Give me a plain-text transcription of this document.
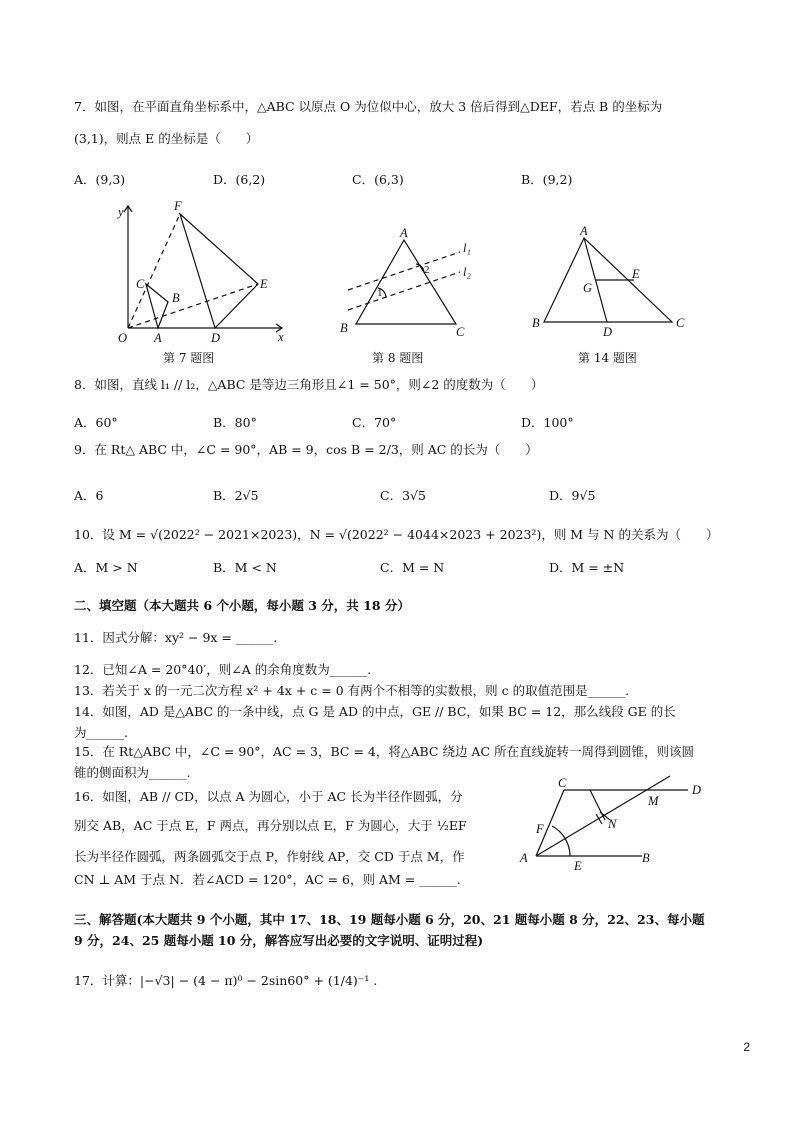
7．如图，在平面直角坐标系中，△ABC 以原点 O 为位似中心，放大 3 倍后得到△DEF，若点 B 的坐标为
(3,1)，则点 E 的坐标是（　　）
A．(9,3)	D．(6,2)	C．(6,3)	B．(9,2)
y
x
O
F
C
B
E
A	D
第 7 题图
A
B	C
l₁
l₂
1
2
第 8 题图
A
B	C
D
E
G
第 14 题图
8．如图，直线 l₁ // l₂，△ABC 是等边三角形且∠1 = 50°，则∠2 的度数为（　　）
A．60°	B．80°	C．70°	D．100°
9．在 Rt△ ABC 中，∠C = 90°，AB = 9，cos B = 2/3，则 AC 的长为（　　）
A．6	B．2√5	C．3√5	D．9√5
10．设 M = √(2022² − 2021×2023)，N = √(2022² − 4044×2023 + 2023²)，则 M 与 N 的关系为（　　）
A．M > N	B．M < N	C．M = N	D．M = ±N
二、填空题（本大题共 6 个小题，每小题 3 分，共 18 分）
11．因式分解：xy² − 9x = ______.
12．已知∠A = 20°40′，则∠A 的余角度数为______.
13．若关于 x 的一元二次方程 x² + 4x + c = 0 有两个不相等的实数根，则 c 的取值范围是______.
14．如图，AD 是△ABC 的一条中线，点 G 是 AD 的中点，GE // BC，如果 BC = 12，那么线段 GE 的长
为______.
15．在 Rt△ABC 中，∠C = 90°，AC = 3，BC = 4，将△ABC 绕边 AC 所在直线旋转一周得到圆锥，则该圆
锥的侧面积为______.
16．如图，AB // CD，以点 A 为圆心，小于 AC 长为半径作圆弧，分
别交 AB，AC 于点 E，F 两点，再分别以点 E，F 为圆心，大于 ½EF
长为半径作圆弧，两条圆弧交于点 P，作射线 AP，交 CD 于点 M，作
CN ⊥ AM 于点 N．若∠ACD = 120°，AC = 6，则 AM = ______.
C	D
M
N
F
A
E
B
三、解答题(本大题共 9 个小题，其中 17、18、19 题每小题 6 分，20、21 题每小题 8 分，22、23、每小题
9 分，24、25 题每小题 10 分，解答应写出必要的文字说明、证明过程)
17．计算：|−√3| − (4 − π)⁰ − 2sin60° + (1/4)⁻¹ .
2
